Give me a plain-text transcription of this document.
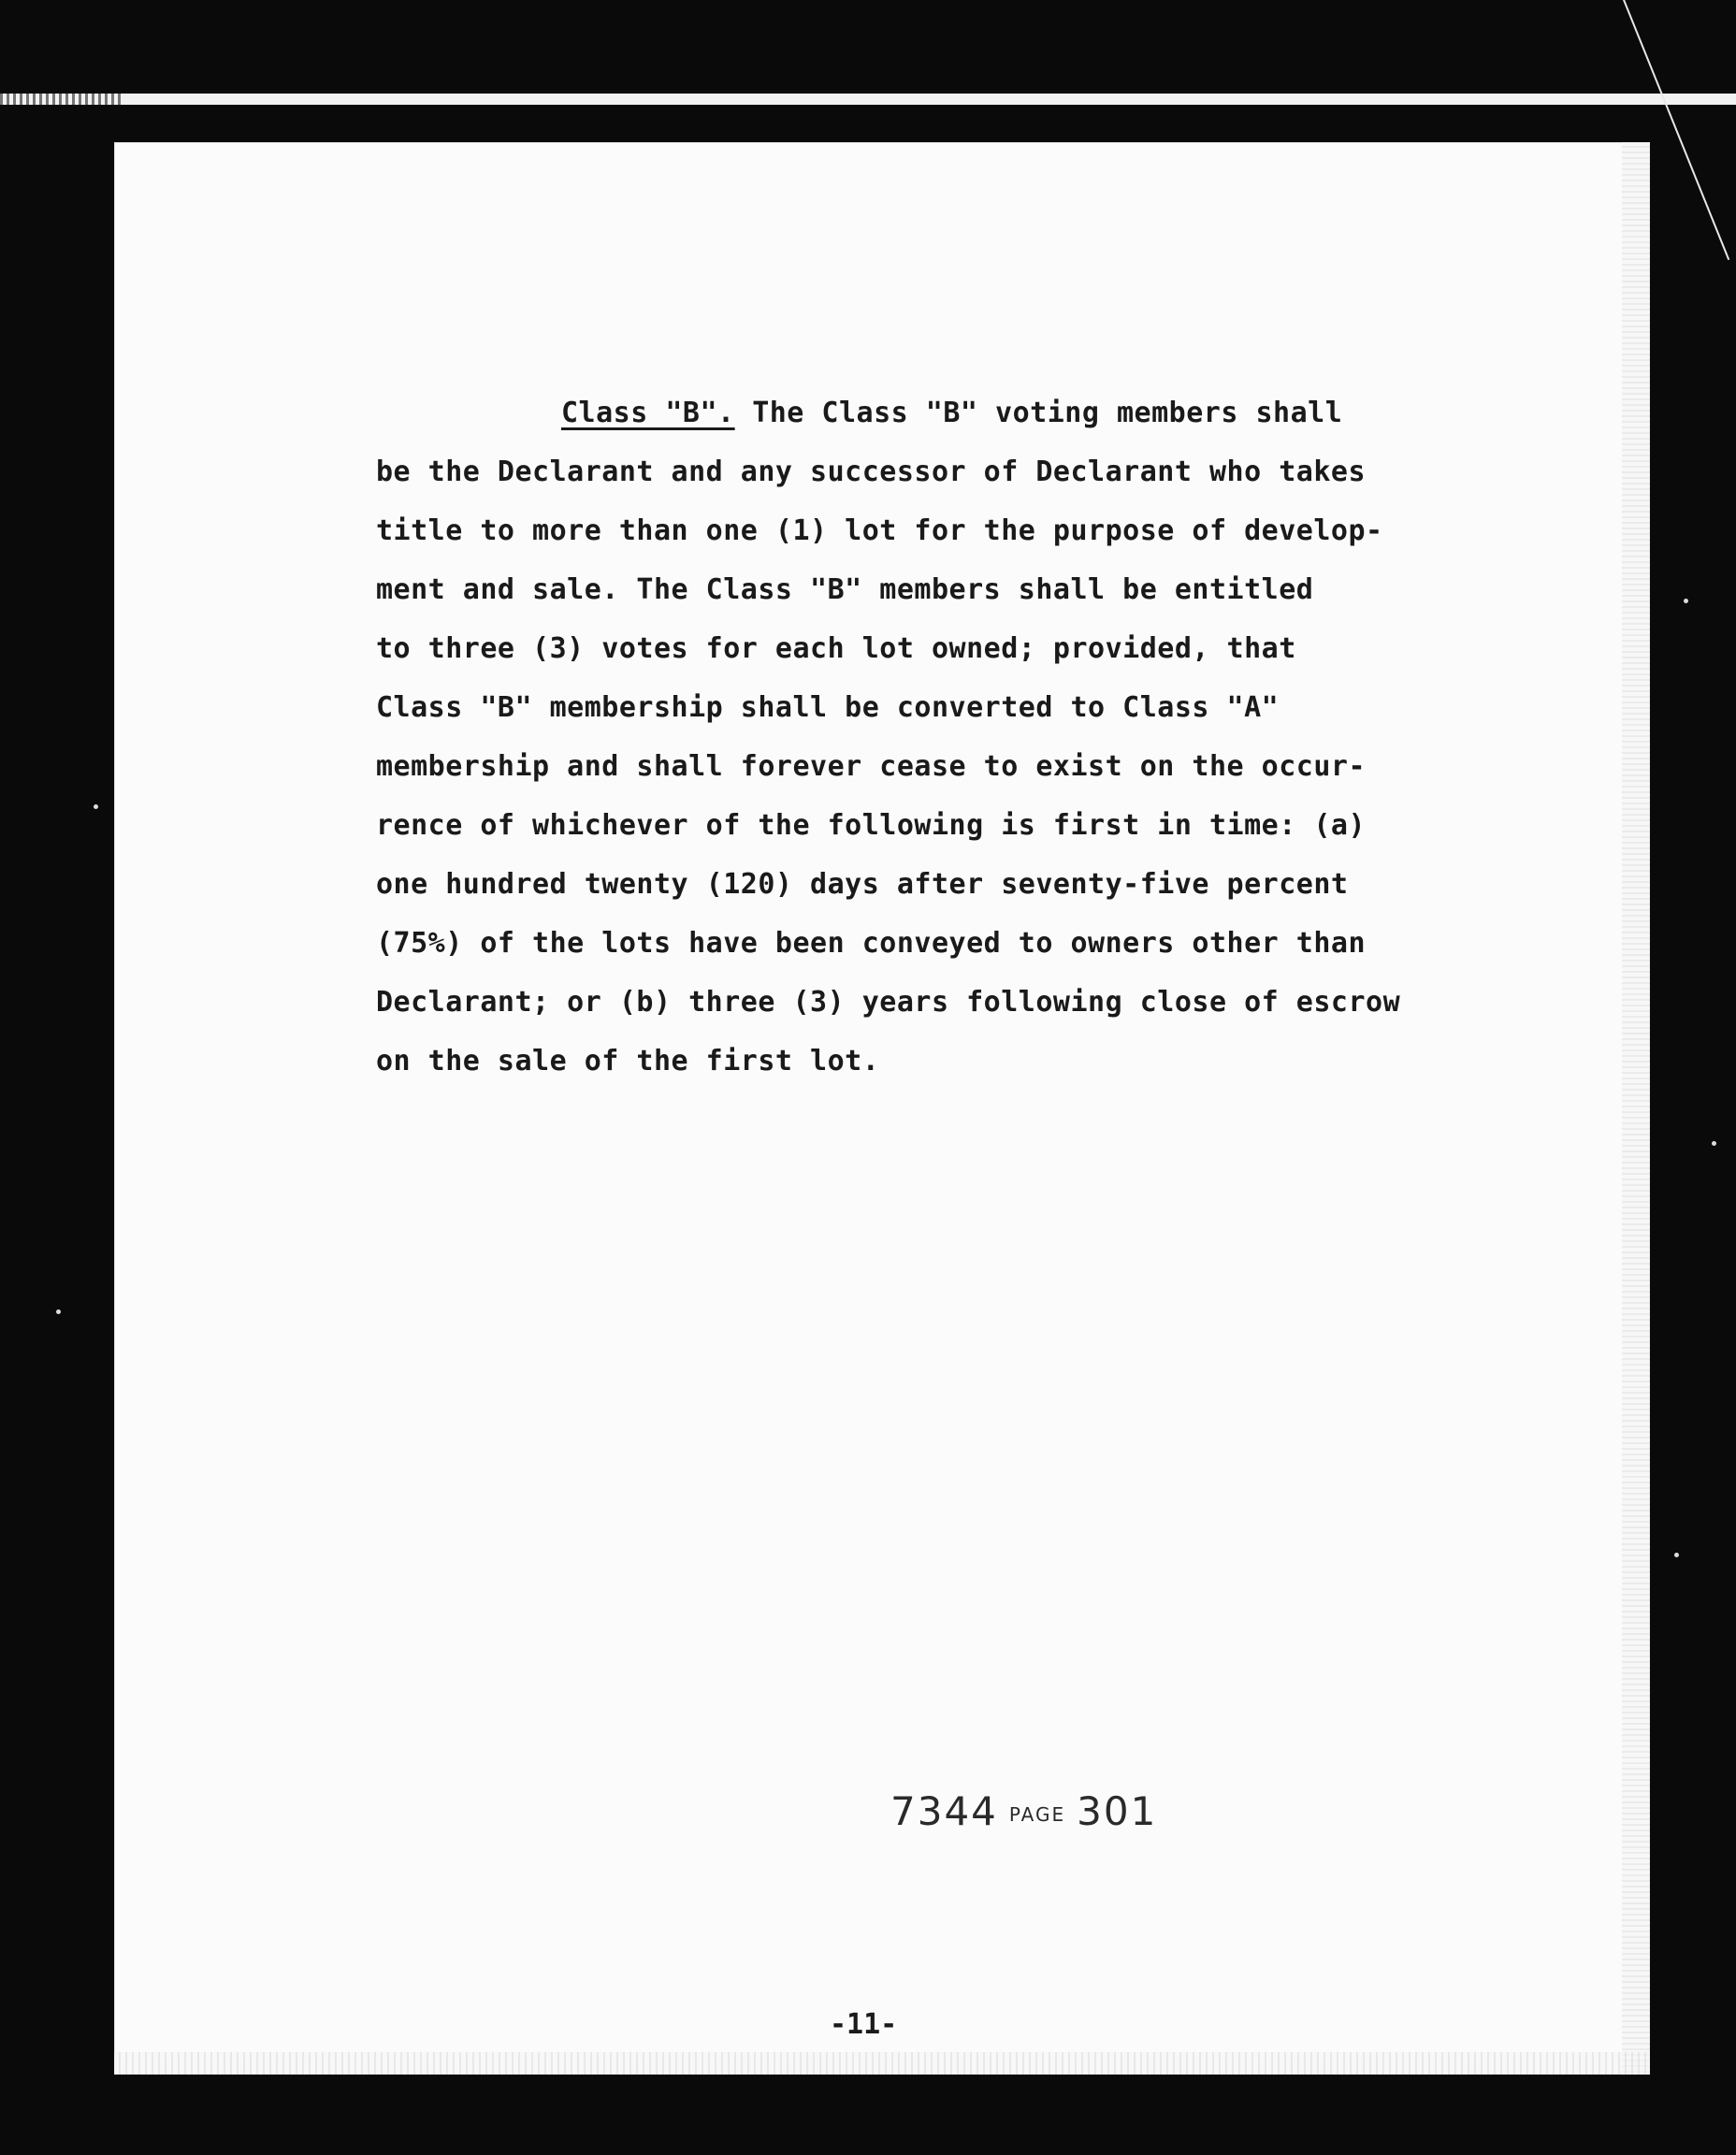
Class "B". The Class "B" voting members shall
be the Declarant and any successor of Declarant who takes
title to more than one (1) lot for the purpose of develop-
ment and sale. The Class "B" members shall be entitled
to three (3) votes for each lot owned; provided, that
Class "B" membership shall be converted to Class "A"
membership and shall forever cease to exist on the occur-
rence of whichever of the following is first in time: (a)
one hundred twenty (120) days after seventy-five percent
(75%) of the lots have been conveyed to owners other than
Declarant; or (b) three (3) years following close of escrow
on the sale of the first lot.
7344 PAGE 301
-11-
